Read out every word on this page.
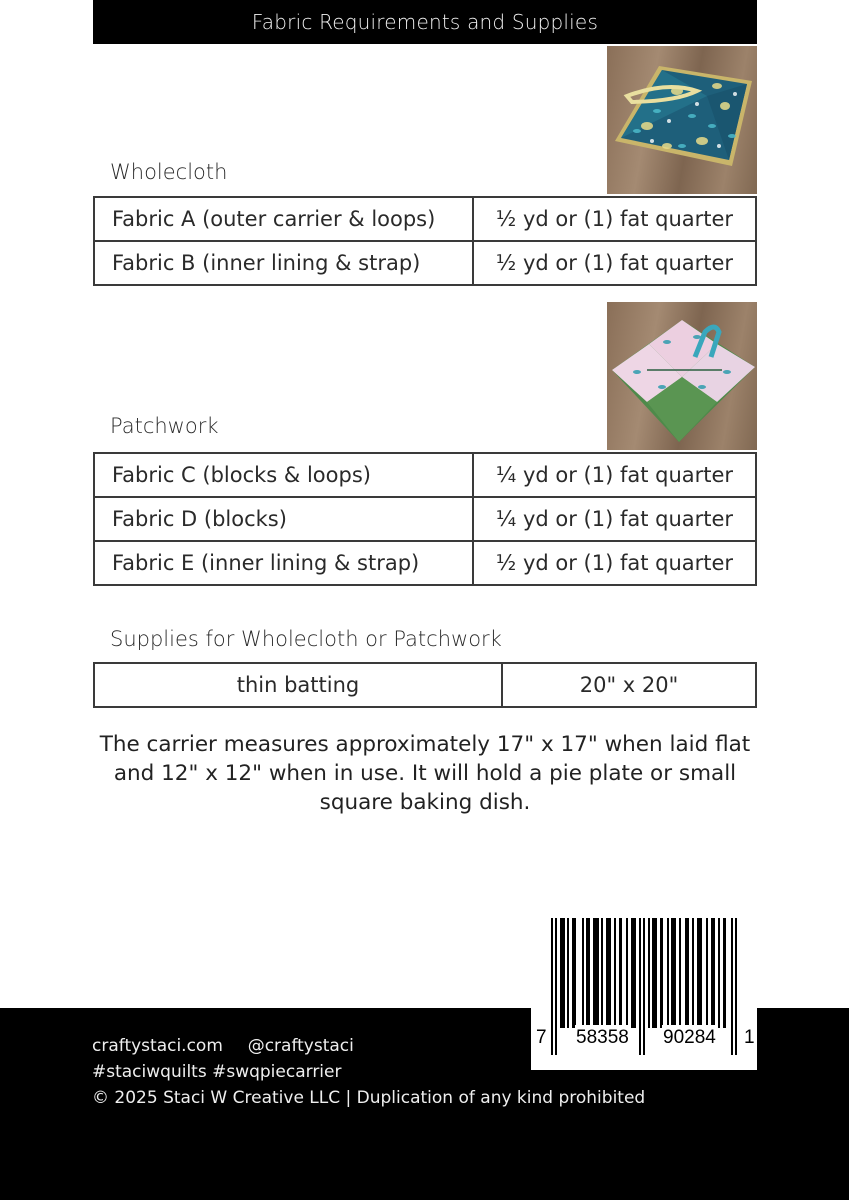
Fabric Requirements and Supplies
Wholecloth
Fabric A (outer carrier & loops)	½ yd or (1) fat quarter
Fabric B (inner lining & strap)	½ yd or (1) fat quarter
Patchwork
Fabric C (blocks & loops)	¼ yd or (1) fat quarter
Fabric D (blocks)	¼ yd or (1) fat quarter
Fabric E (inner lining & strap)	½ yd or (1) fat quarter
Supplies for Wholecloth or Patchwork
thin batting	20" x 20"
The carrier measures approximately 17" x 17" when laid flat
and 12" x 12" when in use. It will hold a pie plate or small
square baking dish.
craftystaci.com @craftystaci
#staciwquilts #swqpiecarrier
© 2025 Staci W Creative LLC | Duplication of any kind prohibited
7 58358 90284 1
